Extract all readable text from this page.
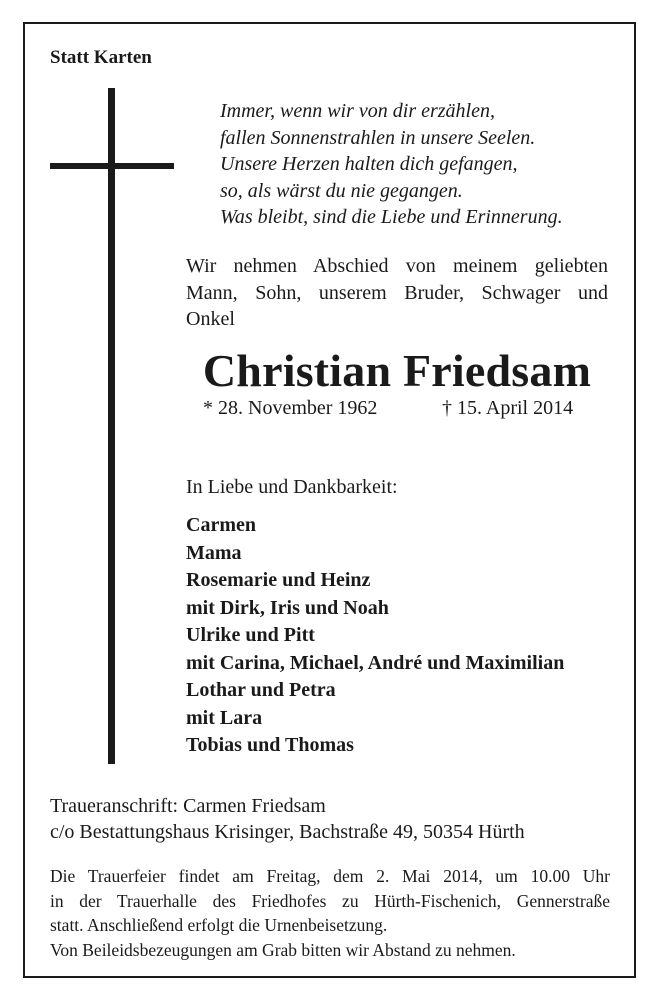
Statt Karten
Immer, wenn wir von dir erzählen,
fallen Sonnenstrahlen in unsere Seelen.
Unsere Herzen halten dich gefangen,
so, als wärst du nie gegangen.
Was bleibt, sind die Liebe und Erinnerung.
Wir nehmen Abschied von meinem geliebten
Mann, Sohn, unserem Bruder, Schwager und
Onkel
Christian Friedsam
* 28. November 1962	† 15. April 2014
In Liebe und Dankbarkeit:
Carmen
Mama
Rosemarie und Heinz
mit Dirk, Iris und Noah
Ulrike und Pitt
mit Carina, Michael, André und Maximilian
Lothar und Petra
mit Lara
Tobias und Thomas
Traueranschrift: Carmen Friedsam
c/o Bestattungshaus Krisinger, Bachstraße 49, 50354 Hürth
Die Trauerfeier findet am Freitag, dem 2. Mai 2014, um 10.00 Uhr
in der Trauerhalle des Friedhofes zu Hürth-Fischenich, Gennerstraße
statt. Anschließend erfolgt die Urnenbeisetzung.
Von Beileidsbezeugungen am Grab bitten wir Abstand zu nehmen.
